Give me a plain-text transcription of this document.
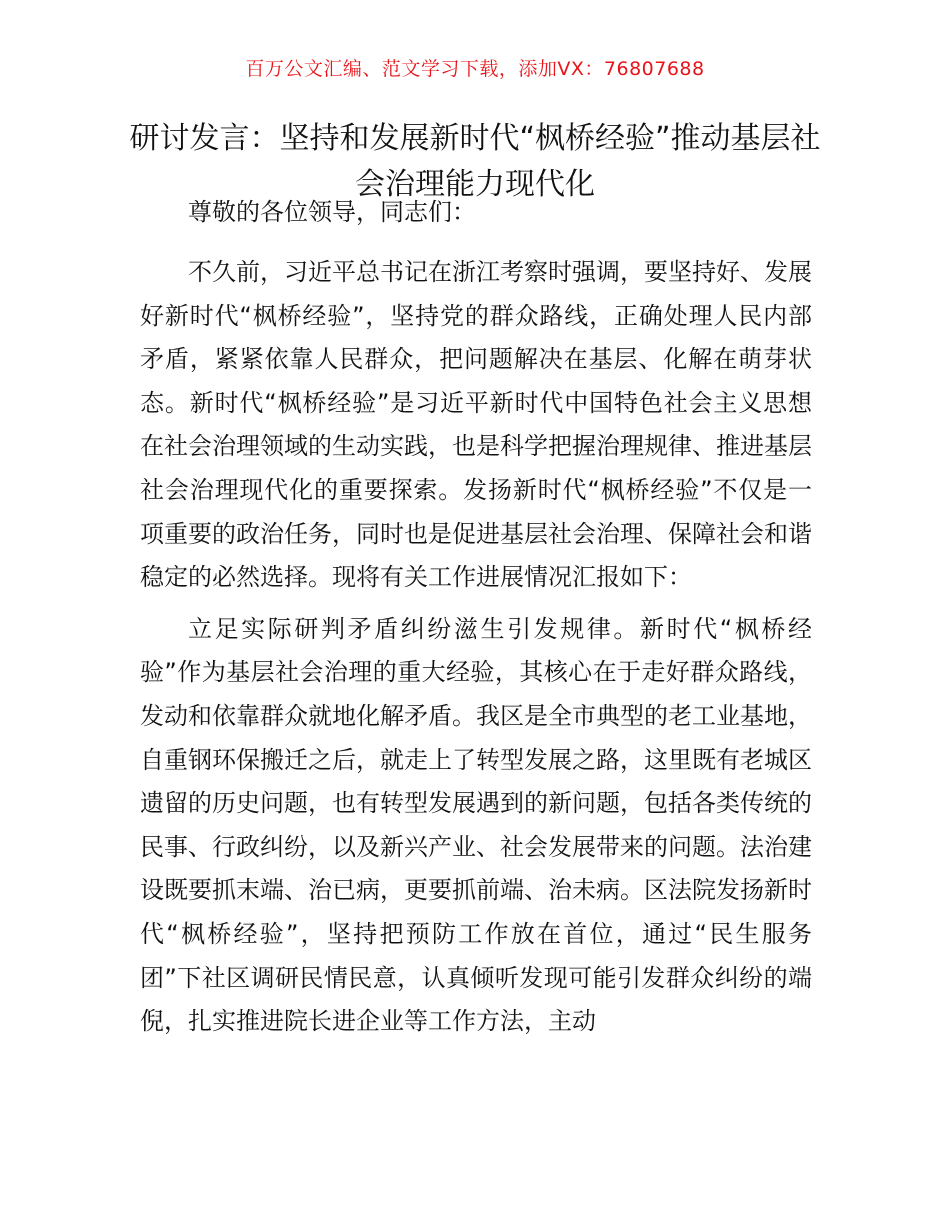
百万公文汇编、范文学习下载，添加VX：76807688
研讨发言：坚持和发展新时代“枫桥经验”推动基层社会治理能力现代化

尊敬的各位领导，同志们：

不久前，习近平总书记在浙江考察时强调，要坚持好、发展好新时代“枫桥经验”，坚持党的群众路线，正确处理人民内部矛盾，紧紧依靠人民群众，把问题解决在基层、化解在萌芽状态。新时代“枫桥经验”是习近平新时代中国特色社会主义思想在社会治理领域的生动实践，也是科学把握治理规律、推进基层社会治理现代化的重要探索。发扬新时代“枫桥经验”不仅是一项重要的政治任务，同时也是促进基层社会治理、保障社会和谐稳定的必然选择。现将有关工作进展情况汇报如下：

立足实际研判矛盾纠纷滋生引发规律。新时代“枫桥经验”作为基层社会治理的重大经验，其核心在于走好群众路线，发动和依靠群众就地化解矛盾。我区是全市典型的老工业基地，自重钢环保搬迁之后，就走上了转型发展之路，这里既有老城区遗留的历史问题，也有转型发展遇到的新问题，包括各类传统的民事、行政纠纷，以及新兴产业、社会发展带来的问题。法治建设既要抓末端、治已病，更要抓前端、治未病。区法院发扬新时代“枫桥经验”，坚持把预防工作放在首位，通过“民生服务团”下社区调研民情民意，认真倾听发现可能引发群众纠纷的端倪，扎实推进院长进企业等工作方法，主动
